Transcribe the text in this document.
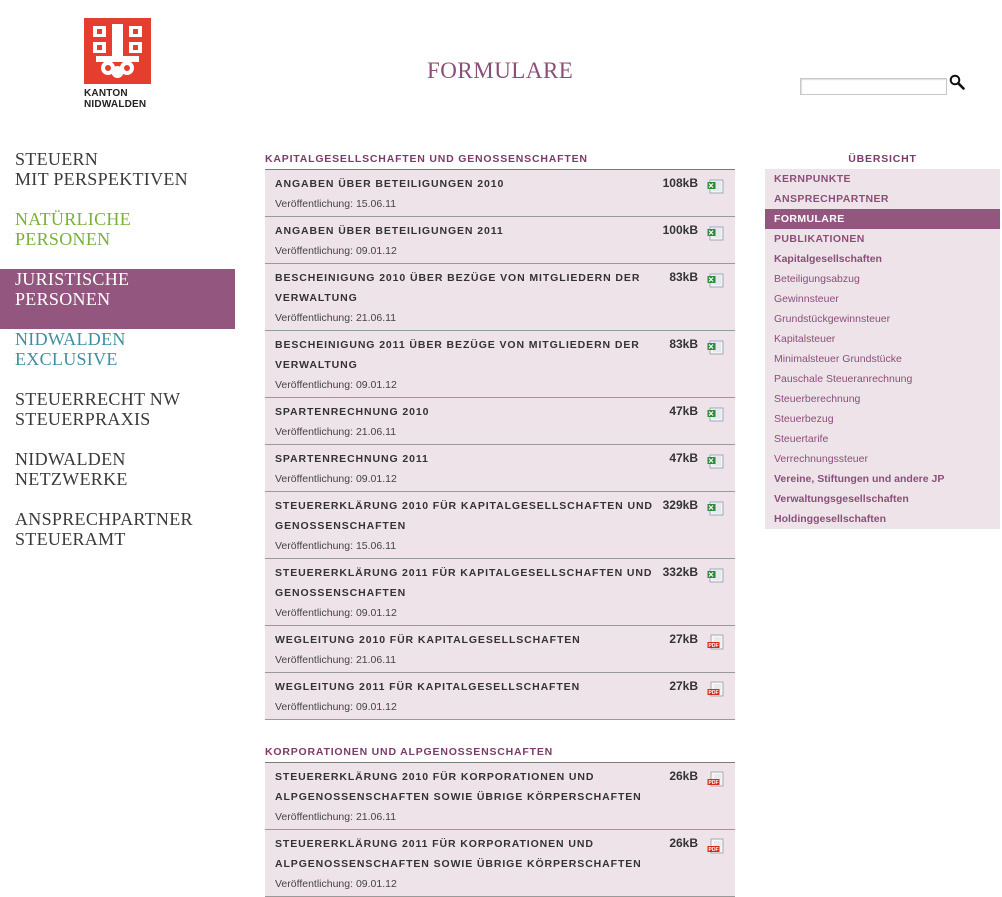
KANTON
NIDWALDEN
FORMULARE
STEUERN
MIT PERSPEKTIVEN
NATÜRLICHE
PERSONEN
JURISTISCHE
PERSONEN
NIDWALDEN
EXCLUSIVE
STEUERRECHT NW
STEUERPRAXIS
NIDWALDEN
NETZWERKE
ANSPRECHPARTNER
STEUERAMT
KAPITALGESELLSCHAFTEN UND GENOSSENSCHAFTEN
ANGABEN ÜBER BETEILIGUNGEN 2010
Veröffentlichung: 15.06.11
108kB
ANGABEN ÜBER BETEILIGUNGEN 2011
Veröffentlichung: 09.01.12
100kB
BESCHEINIGUNG 2010 ÜBER BEZÜGE VON MITGLIEDERN DER VERWALTUNG
Veröffentlichung: 21.06.11
83kB
BESCHEINIGUNG 2011 ÜBER BEZÜGE VON MITGLIEDERN DER VERWALTUNG
Veröffentlichung: 09.01.12
83kB
SPARTENRECHNUNG 2010
Veröffentlichung: 21.06.11
47kB
SPARTENRECHNUNG 2011
Veröffentlichung: 09.01.12
47kB
STEUERERKLÄRUNG 2010 FÜR KAPITALGESELLSCHAFTEN UND GENOSSENSCHAFTEN
Veröffentlichung: 15.06.11
329kB
STEUERERKLÄRUNG 2011 FÜR KAPITALGESELLSCHAFTEN UND GENOSSENSCHAFTEN
Veröffentlichung: 09.01.12
332kB
WEGLEITUNG 2010 FÜR KAPITALGESELLSCHAFTEN
Veröffentlichung: 21.06.11
27kB PDF
WEGLEITUNG 2011 FÜR KAPITALGESELLSCHAFTEN
Veröffentlichung: 09.01.12
27kB PDF
KORPORATIONEN UND ALPGENOSSENSCHAFTEN
STEUERERKLÄRUNG 2010 FÜR KORPORATIONEN UND ALPGENOSSENSCHAFTEN SOWIE ÜBRIGE KÖRPERSCHAFTEN
Veröffentlichung: 21.06.11
26kB PDF
STEUERERKLÄRUNG 2011 FÜR KORPORATIONEN UND ALPGENOSSENSCHAFTEN SOWIE ÜBRIGE KÖRPERSCHAFTEN
Veröffentlichung: 09.01.12
26kB PDF
ÜBERSICHT
KERNPUNKTE
ANSPRECHPARTNER
FORMULARE
PUBLIKATIONEN
Kapitalgesellschaften
Beteiligungsabzug
Gewinnsteuer
Grundstückgewinnsteuer
Kapitalsteuer
Minimalsteuer Grundstücke
Pauschale Steueranrechnung
Steuerberechnung
Steuerbezug
Steuertarife
Verrechnungssteuer
Vereine, Stiftungen und andere JP
Verwaltungsgesellschaften
Holdinggesellschaften
